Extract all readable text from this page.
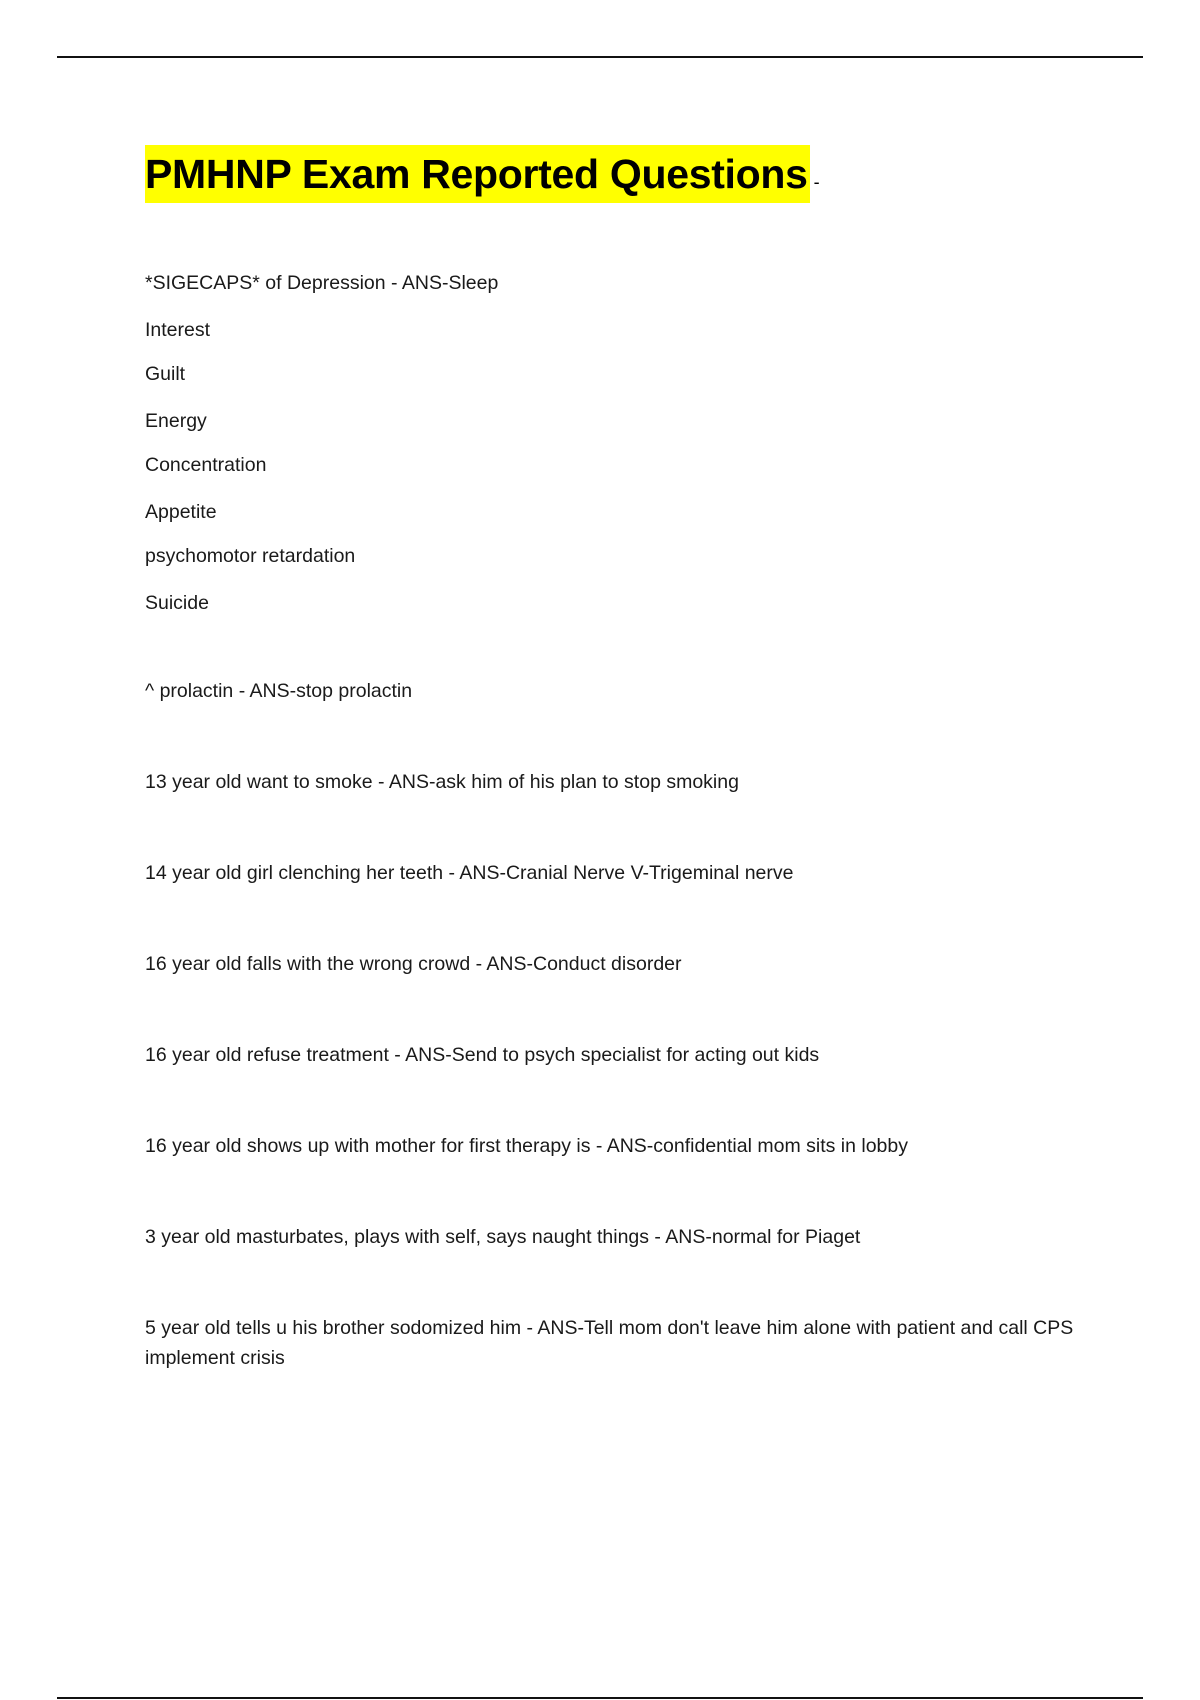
PMHNP Exam Reported Questions -
*SIGECAPS* of Depression - ANS-Sleep
Interest
Guilt
Energy
Concentration
Appetite
psychomotor retardation
Suicide
^ prolactin - ANS-stop prolactin
13 year old want to smoke - ANS-ask him of his plan to stop smoking
14 year old girl clenching her teeth - ANS-Cranial Nerve V-Trigeminal nerve
16 year old falls with the wrong crowd - ANS-Conduct disorder
16 year old refuse treatment - ANS-Send to psych specialist for acting out kids
16 year old shows up with mother for first therapy is - ANS-confidential mom sits in lobby
3 year old masturbates, plays with self, says naught things - ANS-normal for Piaget
5 year old tells u his brother sodomized him - ANS-Tell mom don't leave him alone with patient and call CPS implement crisis
